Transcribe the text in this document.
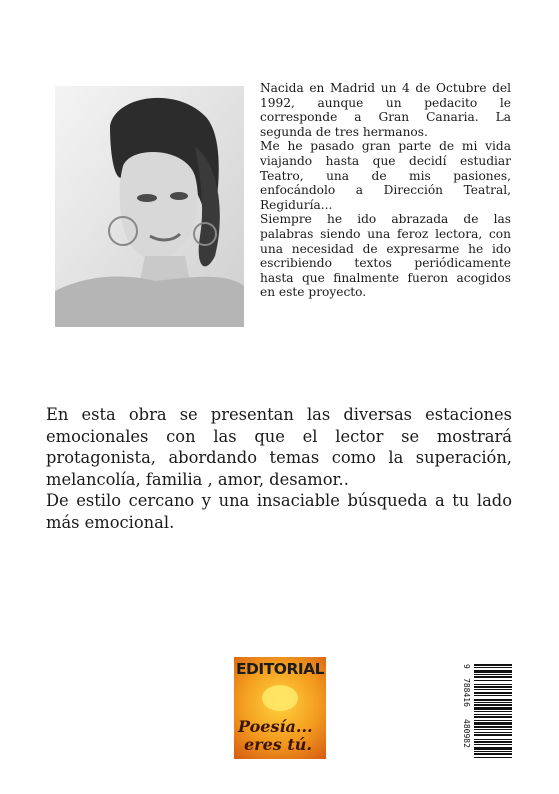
Nacida en Madrid un 4 de Octubre del 1992, aunque un pedacito le corresponde a Gran Canaria. La segunda de tres hermanos.

Me he pasado gran parte de mi vida viajando hasta que decidí estudiar Teatro, una de mis pasiones, enfocándolo a Dirección Teatral, Regiduría...

Siempre he ido abrazada de las palabras siendo una feroz lectora, con una necesidad de expresarme he ido escribiendo textos periódicamente hasta que finalmente fueron acogidos en este proyecto.

En esta obra se presentan las diversas estaciones emocionales con las que el lector se mostrará protagonista, abordando temas como la superación, melancolía, familia , amor, desamor..

De estilo cercano y una insaciable búsqueda a tu lado más emocional.

EDITORIAL
Poesía...
eres tú.
9
788416
480982
